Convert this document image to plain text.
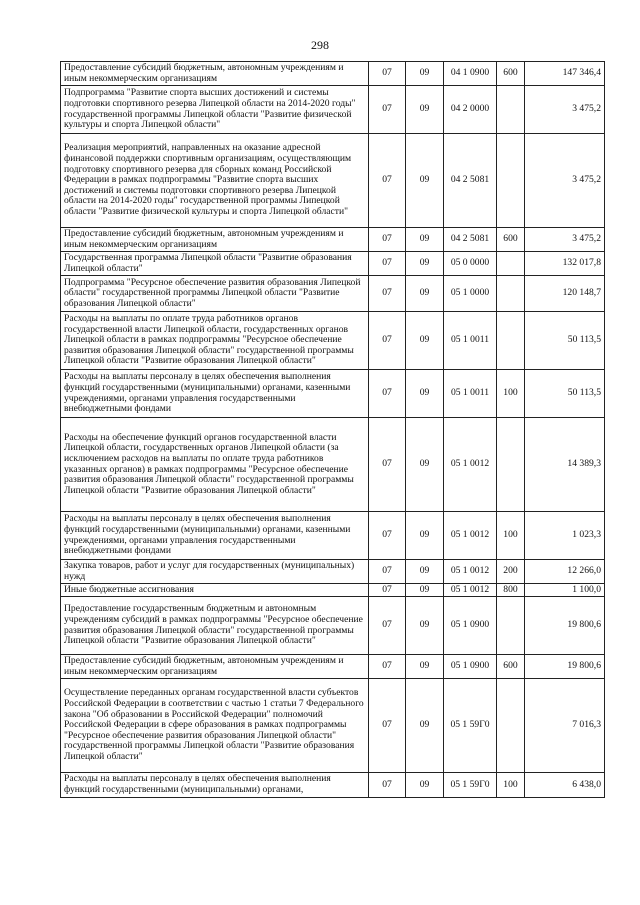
298
Предоставление субсидий бюджетным, автономным учреждениям и иным некоммерческим организациям	07	09	04 1 0900	600	147 346,4
Подпрограмма "Развитие спорта высших достижений и системы подготовки спортивного резерва Липецкой области на 2014-2020 годы" государственной программы Липецкой области "Развитие физической культуры и спорта Липецкой области"	07	09	04 2 0000		3 475,2
Реализация мероприятий, направленных на оказание адресной финансовой поддержки спортивным организациям, осуществляющим подготовку спортивного резерва для сборных команд Российской Федерации в рамках подпрограммы "Развитие спорта высших достижений и системы подготовки спортивного резерва Липецкой области на 2014-2020 годы" государственной программы Липецкой области "Развитие физической культуры и спорта Липецкой области"	07	09	04 2 5081		3 475,2
Предоставление субсидий бюджетным, автономным учреждениям и иным некоммерческим организациям	07	09	04 2 5081	600	3 475,2
Государственная программа Липецкой области "Развитие образования Липецкой области"	07	09	05 0 0000		132 017,8
Подпрограмма "Ресурсное обеспечение развития образования Липецкой области" государственной программы Липецкой области "Развитие образования Липецкой области"	07	09	05 1 0000		120 148,7
Расходы на выплаты по оплате труда работников органов государственной власти Липецкой области, государственных органов Липецкой области в рамках подпрограммы "Ресурсное обеспечение развития образования Липецкой области" государственной программы Липецкой области "Развитие образования Липецкой области"	07	09	05 1 0011		50 113,5
Расходы на выплаты персоналу в целях обеспечения выполнения функций государственными (муниципальными) органами, казенными учреждениями, органами управления государственными внебюджетными фондами	07	09	05 1 0011	100	50 113,5
Расходы на обеспечение функций органов государственной власти Липецкой области, государственных органов Липецкой области (за исключением расходов на выплаты по оплате труда работников указанных органов) в рамках подпрограммы "Ресурсное обеспечение развития образования Липецкой области" государственной программы Липецкой области "Развитие образования Липецкой области"	07	09	05 1 0012		14 389,3
Расходы на выплаты персоналу в целях обеспечения выполнения функций государственными (муниципальными) органами, казенными учреждениями, органами управления государственными внебюджетными фондами	07	09	05 1 0012	100	1 023,3
Закупка товаров, работ и услуг для государственных (муниципальных) нужд	07	09	05 1 0012	200	12 266,0
Иные бюджетные ассигнования	07	09	05 1 0012	800	1 100,0
Предоставление государственным бюджетным и автономным учреждениям субсидий в рамках подпрограммы "Ресурсное обеспечение развития образования Липецкой области" государственной программы Липецкой области "Развитие образования Липецкой области"	07	09	05 1 0900		19 800,6
Предоставление субсидий бюджетным, автономным учреждениям и иным некоммерческим организациям	07	09	05 1 0900	600	19 800,6
Осуществление переданных органам государственной власти субъектов Российской Федерации в соответствии с частью 1 статьи 7 Федерального закона "Об образовании в Российской Федерации" полномочий Российской Федерации в сфере образования в рамках подпрограммы "Ресурсное обеспечение развития образования Липецкой области" государственной программы Липецкой области "Развитие образования Липецкой области"	07	09	05 1 59Г0		7 016,3
Расходы на выплаты персоналу в целях обеспечения выполнения функций государственными (муниципальными) органами,	07	09	05 1 59Г0	100	6 438,0
